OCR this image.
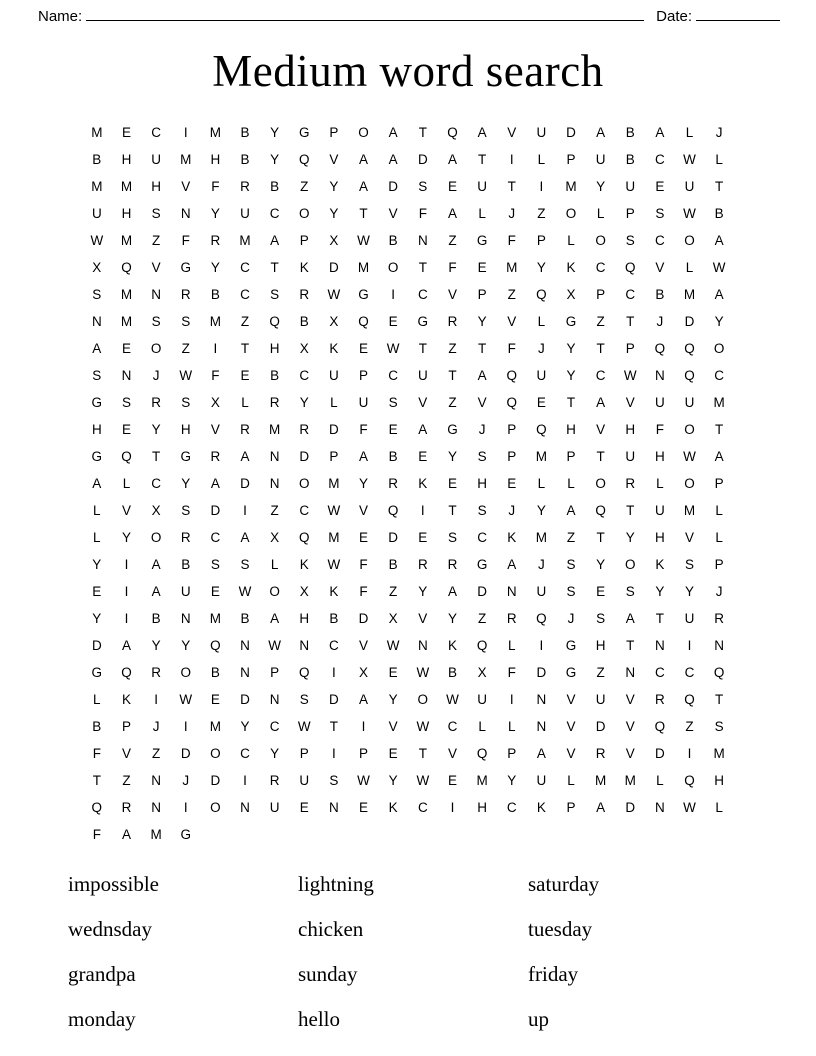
Name:	Date:
Medium word search
M	E	C	I	M	B	Y	G	P	O	A	T	Q	A	V	U	D	A	B	A	L	J
B	H	U	M	H	B	Y	Q	V	A	A	D	A	T	I	L	P	U	B	C	W	L
M	M	H	V	F	R	B	Z	Y	A	D	S	E	U	T	I	M	Y	U	E	U	T
U	H	S	N	Y	U	C	O	Y	T	V	F	A	L	J	Z	O	L	P	S	W	B
W	M	Z	F	R	M	A	P	X	W	B	N	Z	G	F	P	L	O	S	C	O	A
X	Q	V	G	Y	C	T	K	D	M	O	T	F	E	M	Y	K	C	Q	V	L	W
S	M	N	R	B	C	S	R	W	G	I	C	V	P	Z	Q	X	P	C	B	M	A
N	M	S	S	M	Z	Q	B	X	Q	E	G	R	Y	V	L	G	Z	T	J	D	Y
A	E	O	Z	I	T	H	X	K	E	W	T	Z	T	F	J	Y	T	P	Q	Q	O
S	N	J	W	F	E	B	C	U	P	C	U	T	A	Q	U	Y	C	W	N	Q	C
G	S	R	S	X	L	R	Y	L	U	S	V	Z	V	Q	E	T	A	V	U	U	M
H	E	Y	H	V	R	M	R	D	F	E	A	G	J	P	Q	H	V	H	F	O	T
G	Q	T	G	R	A	N	D	P	A	B	E	Y	S	P	M	P	T	U	H	W	A
A	L	C	Y	A	D	N	O	M	Y	R	K	E	H	E	L	L	O	R	L	O	P
L	V	X	S	D	I	Z	C	W	V	Q	I	T	S	J	Y	A	Q	T	U	M	L
L	Y	O	R	C	A	X	Q	M	E	D	E	S	C	K	M	Z	T	Y	H	V	L
Y	I	A	B	S	S	L	K	W	F	B	R	R	G	A	J	S	Y	O	K	S	P
E	I	A	U	E	W	O	X	K	F	Z	Y	A	D	N	U	S	E	S	Y	Y	J
Y	I	B	N	M	B	A	H	B	D	X	V	Y	Z	R	Q	J	S	A	T	U	R
D	A	Y	Y	Q	N	W	N	C	V	W	N	K	Q	L	I	G	H	T	N	I	N
G	Q	R	O	B	N	P	Q	I	X	E	W	B	X	F	D	G	Z	N	C	C	Q
L	K	I	W	E	D	N	S	D	A	Y	O	W	U	I	N	V	U	V	R	Q	T
B	P	J	I	M	Y	C	W	T	I	V	W	C	L	L	N	V	D	V	Q	Z	S
F	V	Z	D	O	C	Y	P	I	P	E	T	V	Q	P	A	V	R	V	D	I	M
T	Z	N	J	D	I	R	U	S	W	Y	W	E	M	Y	U	L	M	M	L	Q	H
Q	R	N	I	O	N	U	E	N	E	K	C	I	H	C	K	P	A	D	N	W	L
F	A	M	G
impossible	lightning	saturday
wednsday	chicken	tuesday
grandpa	sunday	friday
monday	hello	up
